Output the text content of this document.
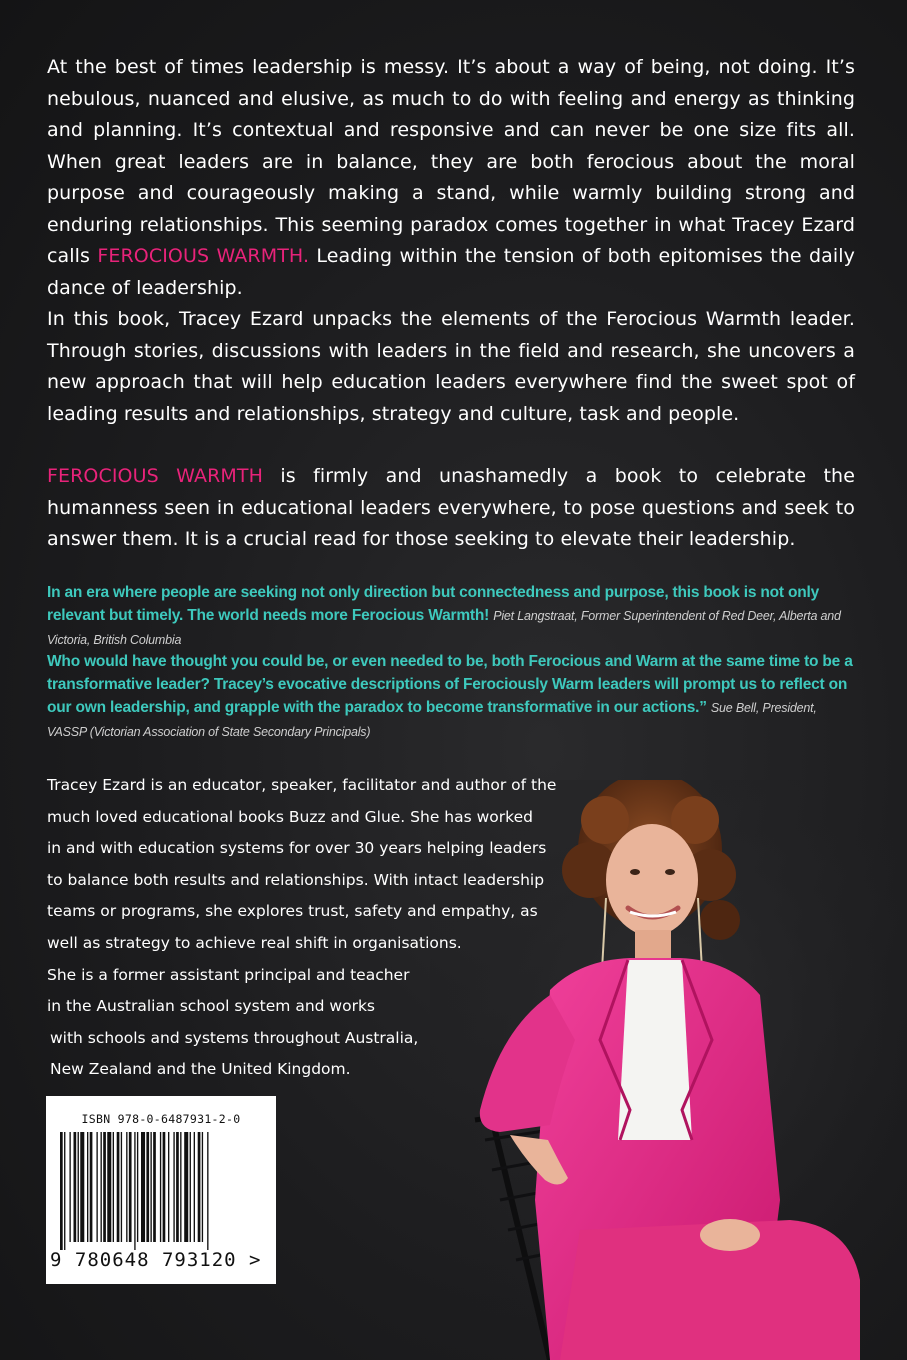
At the best of times leadership is messy. It’s about a way of being, not doing. It’s nebulous, nuanced and elusive, as much to do with feeling and energy as thinking and planning. It’s contextual and responsive and can never be one size fits all. When great leaders are in balance, they are both ferocious about the moral purpose and courageously making a stand, while warmly building strong and enduring relationships. This seeming paradox comes together in what Tracey Ezard calls FEROCIOUS WARMTH. Leading within the tension of both epitomises the daily dance of leadership.

In this book, Tracey Ezard unpacks the elements of the Ferocious Warmth leader. Through stories, discussions with leaders in the field and research, she uncovers a new approach that will help education leaders everywhere find the sweet spot of leading results and relationships, strategy and culture, task and people.

FEROCIOUS WARMTH is firmly and unashamedly a book to celebrate the humanness seen in educational leaders everywhere, to pose questions and seek to answer them. It is a crucial read for those seeking to elevate their leadership.

In an era where people are seeking not only direction but connectedness and purpose, this book is not only relevant but timely. The world needs more Ferocious Warmth! Piet Langstraat, Former Superintendent of Red Deer, Alberta and Victoria, British Columbia

Who would have thought you could be, or even needed to be, both Ferocious and Warm at the same time to be a transformative leader? Tracey’s evocative descriptions of Ferociously Warm leaders will prompt us to reflect on our own leadership, and grapple with the paradox to become transformative in our actions.” Sue Bell, President, VASSP (Victorian Association of State Secondary Principals)

Tracey Ezard is an educator, speaker, facilitator and author of the
much loved educational books Buzz and Glue. She has worked
in and with education systems for over 30 years helping leaders
to balance both results and relationships. With intact leadership
teams or programs, she explores trust, safety and empathy, as
well as strategy to achieve real shift in organisations.
She is a former assistant principal and teacher
in the Australian school system and works
with schools and systems throughout Australia,
New Zealand and the United Kingdom.
ISBN 978-0-6487931-2-0
9 780648 793120 >
